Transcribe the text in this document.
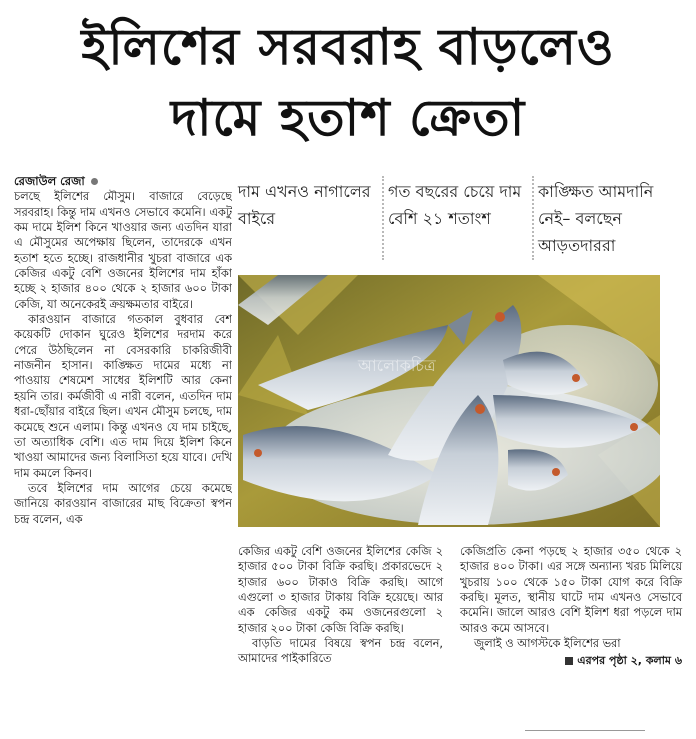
ইলিশের সরবরাহ বাড়লেও
দামে হতাশ ক্রেতা
রেজাউল রেজা

চলছে ইলিশের মৌসুম। বাজারে বেড়েছে সরবরাহ। কিন্তু দাম এখনও সেভাবে কমেনি। একটু কম দামে ইলিশ কিনে খাওয়ার জন্য এতদিন যারা এ মৌসুমের অপেক্ষায় ছিলেন, তাদেরকে এখন হতাশ হতে হচ্ছে। রাজধানীর খুচরা বাজারে এক কেজির একটু বেশি ওজনের ইলিশের দাম হাঁকা হচ্ছে ২ হাজার ৪০০ থেকে ২ হাজার ৬০০ টাকা কেজি, যা অনেকেরই ক্রয়ক্ষমতার বাইরে।

কারওয়ান বাজারে গতকাল বুধবার বেশ কয়েকটি দোকান ঘুরেও ইলিশের দরদাম করে পেরে উঠছিলেন না বেসরকারি চাকরিজীবী নাজনীন হাসান। কাঙ্ক্ষিত দামের মধ্যে না পাওয়ায় শেষমেশ সাধের ইলিশটি আর কেনা হয়নি তার। কর্মজীবী এ নারী বলেন, এতদিন দাম ধরা-ছোঁয়ার বাইরে ছিল। এখন মৌসুম চলছে, দাম কমেছে শুনে এলাম। কিন্তু এখনও যে দাম চাইছে, তা অত্যাধিক বেশি। এত দাম দিয়ে ইলিশ কিনে খাওয়া আমাদের জন্য বিলাসিতা হয়ে যাবে। দেখি দাম কমলে কিনব।

তবে ইলিশের দাম আগের চেয়ে কমেছে জানিয়ে কারওয়ান বাজারের মাছ বিক্রেতা স্বপন চন্দ্র বলেন, এক

দাম এখনও নাগালের বাইরে
গত বছরের চেয়ে দাম বেশি ২১ শতাংশ
কাঙ্ক্ষিত আমদানি নেই– বলছেন আড়তদাররা
আলোকচিত্র

কেজির একটু বেশি ওজনের ইলিশের কেজি ২ হাজার ৫০০ টাকা বিক্রি করছি। প্রকারভেদে ২ হাজার ৬০০ টাকাও বিক্রি করছি। আগে এগুলো ৩ হাজার টাকায় বিক্রি হয়েছে। আর এক কেজির একটু কম ওজনেরগুলো ২ হাজার ২০০ টাকা কেজি বিক্রি করছি।

বাড়তি দামের বিষয়ে স্বপন চন্দ্র বলেন, আমাদের পাইকারিতে

কেজিপ্রতি কেনা পড়ছে ২ হাজার ৩৫০ থেকে ২ হাজার ৪০০ টাকা। এর সঙ্গে অন্যান্য খরচ মিলিয়ে খুচরায় ১০০ থেকে ১৫০ টাকা যোগ করে বিক্রি করছি। মূলত, স্থানীয় ঘাটে দাম এখনও সেভাবে কমেনি। জালে আরও বেশি ইলিশ ধরা পড়লে দাম আরও কমে আসবে।

জুলাই ও আগস্টকে ইলিশের ভরা

এরপর পৃষ্ঠা ২, কলাম ৬
